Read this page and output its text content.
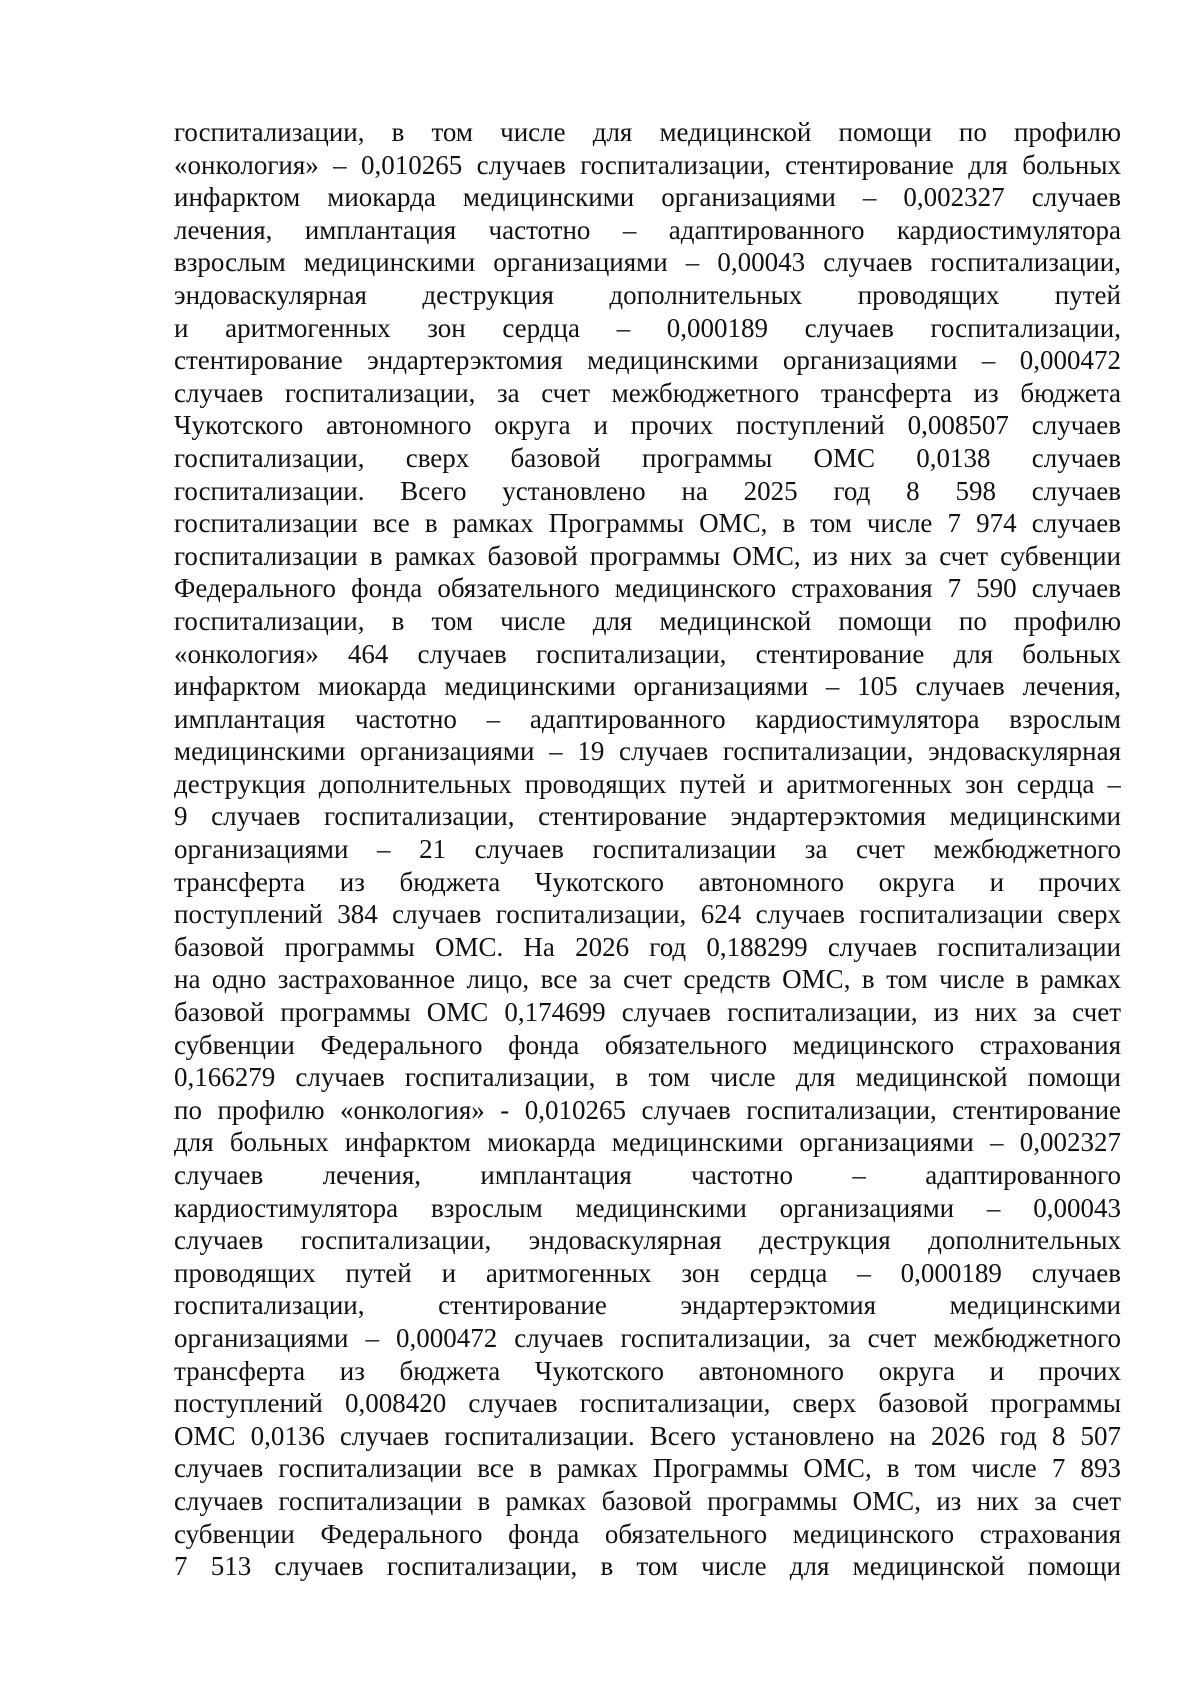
госпитализации, в том числе для медицинской помощи по профилю
«онкология» – 0,010265 случаев госпитализации, стентирование для больных
инфарктом миокарда медицинскими организациями – 0,002327 случаев
лечения, имплантация частотно – адаптированного кардиостимулятора
взрослым медицинскими организациями – 0,00043 случаев госпитализации,
эндоваскулярная деструкция дополнительных проводящих путей
и аритмогенных зон сердца – 0,000189 случаев госпитализации,
стентирование эндартерэктомия медицинскими организациями – 0,000472
случаев госпитализации, за счет межбюджетного трансферта из бюджета
Чукотского автономного округа и прочих поступлений 0,008507 случаев
госпитализации, сверх базовой программы ОМС 0,0138 случаев
госпитализации. Всего установлено на 2025 год 8 598 случаев
госпитализации все в рамках Программы ОМС, в том числе 7 974 случаев
госпитализации в рамках базовой программы ОМС, из них за счет субвенции
Федерального фонда обязательного медицинского страхования 7 590 случаев
госпитализации, в том числе для медицинской помощи по профилю
«онкология» 464 случаев госпитализации, стентирование для больных
инфарктом миокарда медицинскими организациями – 105 случаев лечения,
имплантация частотно – адаптированного кардиостимулятора взрослым
медицинскими организациями – 19 случаев госпитализации, эндоваскулярная
деструкция дополнительных проводящих путей и аритмогенных зон сердца –
9 случаев госпитализации, стентирование эндартерэктомия медицинскими
организациями – 21 случаев госпитализации за счет межбюджетного
трансферта из бюджета Чукотского автономного округа и прочих
поступлений 384 случаев госпитализации, 624 случаев госпитализации сверх
базовой программы ОМС. На 2026 год 0,188299 случаев госпитализации
на одно застрахованное лицо, все за счет средств ОМС, в том числе в рамках
базовой программы ОМС 0,174699 случаев госпитализации, из них за счет
субвенции Федерального фонда обязательного медицинского страхования
0,166279 случаев госпитализации, в том числе для медицинской помощи
по профилю «онкология» - 0,010265 случаев госпитализации, стентирование
для больных инфарктом миокарда медицинскими организациями – 0,002327
случаев лечения, имплантация частотно – адаптированного
кардиостимулятора взрослым медицинскими организациями – 0,00043
случаев госпитализации, эндоваскулярная деструкция дополнительных
проводящих путей и аритмогенных зон сердца – 0,000189 случаев
госпитализации, стентирование эндартерэктомия медицинскими
организациями – 0,000472 случаев госпитализации, за счет межбюджетного
трансферта из бюджета Чукотского автономного округа и прочих
поступлений 0,008420 случаев госпитализации, сверх базовой программы
ОМС 0,0136 случаев госпитализации. Всего установлено на 2026 год 8 507
случаев госпитализации все в рамках Программы ОМС, в том числе 7 893
случаев госпитализации в рамках базовой программы ОМС, из них за счет
субвенции Федерального фонда обязательного медицинского страхования
7 513 случаев госпитализации, в том числе для медицинской помощи
